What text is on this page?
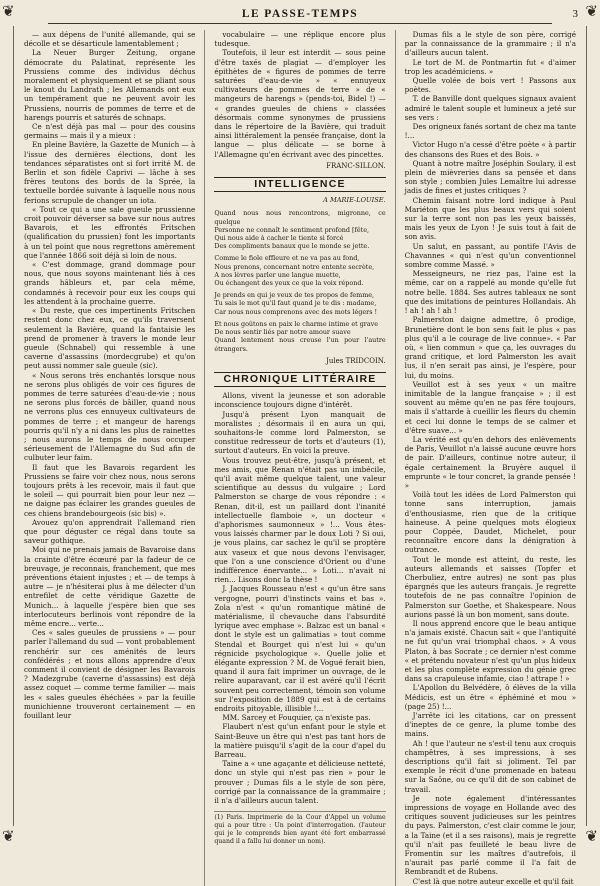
❦	❦
❦	❦
LE PASSE-TEMPS	3

— aux dépens de l'unité allemande, qui se décolle et se désarticule lamentablement ;

La Neuer Burger Zeitung, organe démocrate du Palatinat, représente les Prussiens comme des individus déchus moralement et physiquement et se pliant sous le knout du Landrath ; les Allemands ont eux un tempérament que ne peuvent avoir les Prussiens, nourris de pommes de terre et de harengs pourris et saturés de schnaps.

Ce n'est déjà pas mal — pour des cousins germains — mais il y a mieux :

En pleine Bavière, la Gazette de Munich — à l'issue des dernières élections, dont les tendances séparatistes ont si fort irrité M. de Berlin et son fidèle Caprivi — lâche à ses frères teutons des bords de la Sprée, la textuelle bordée suivante à laquelle nous nous ferions scrupule de changer un iota.

« Tout ce qui a une sale gueule prussienne croit pouvoir déverser sa bave sur nous autres Bavarois, et les effrontés Fritschen (qualification du prussien) font les importants à un tel point que nous regrettons amèrement que l'année 1866 soit déjà si loin de nous.

« C'est dommage, grand dommage pour nous, que nous soyons maintenant liés à ces grands hâbleurs et, par cela même, condamnés à recevoir pour eux les coups qui les attendent à la prochaine guerre.

« Du reste, que ces impertinents Fritschen restent donc chez eux, ce qu'ils traversent seulement la Bavière, quand la fantaisie les prend de promener à travers le monde leur gueule (Schnabel) qui ressemble à une caverne d'assassins (mordecgrube) et qu'on peut aussi nommer sale gueule (sic).

« Nous serons très enchantés lorsque nous ne serons plus obligés de voir ces figures de pommes de terre saturées d'eau-de-vie ; nous ne serons plus forcés de bâiller, quand nous ne verrons plus ces ennuyeux cultivateurs de pommes de terre ; et mangeur de harengs pourris qu'il n'y a ni dans les plus de rainettes ; nous aurons le temps de nous occuper sérieusement de l'Allemagne du Sud afin de culbuter leur faim.

Il faut que les Bavarois regardent les Prussiens se faire voir chez nous, nous serons toujours prêts à les recevoir, mais il faut que le soleil — qui pourrait bien pour leur nez — ne daigne pas éclairer les grandes gueules de ces chiens brandebourgeois (sic bis) ».

Avouez qu'on apprendrait l'allemand rien que pour déguster ce régal dans toute sa saveur gothique.

Moi qui ne prenais jamais de Bavaroise dans la crainte d'être écœuré par la fadeur de ce breuvage, je reconnais, franchement, que mes préventions étaient injustes ; et — de temps à autre — je n'hésiterai plus à me délecter d'un entrefilet de cette véridique Gazette de Munich... à laquelle j'espère bien que ses interlocuteurs berlinois vont répondre de la même encre... verte...

Ces « sales gueules de prussiens » — pour parler l'allemand du sud — vont probablement renchérir sur ces aménités de leurs confédérés ; et nous allons apprendre d'eux comment il convient de désigner les Bavarois ? Madezgrube (caverne d'assassins) est déjà assez coquet — comme terme familier — mais les « sales gueules éhéchées » par la feuille munichienne trouveront certainement — en fouillant leur

vocabulaire — une réplique encore plus tudesque.

Toutefois, il leur est interdit — sous peine d'être taxés de plagiat — d'employer les épithètes de « figures de pommes de terre saturées d'eau-de-vie » « ennuyeux cultivateurs de pommes de terre » de « mangeurs de harengs » (pends-toi, Bidel !) — « grandes gueules de chiens » classées désormais comme synonymes de prussiens dans le répertoire de la Bavière, qui traduit ainsi littéralement la pensée française, dont la langue — plus délicate — se borne à l'Allemagne qu'en écrivant avec des pincettes.

FRANC-SILLON.
INTELLIGENCE
A MARIE-LOUISE.
Quand nous nous rencontrons, migronne, ce quelque
Personne ne connaît le sentiment profond [fête,
Qui nous aide à cacher le tiente si forcé
Des compliments banaux que le monde se jette.
Comme le fiole effleure et ne va pas au fond,
Nous prenons, concernant notre entente secrète,
A nos lèvres parler une langue muette,
Ou échangent des yeux ce que la voix répond.
Je prends en qui je veux de tes propos de femme,
Tu sais le mot qu'il faut quand je te dis : madame,
Car nous nous comprenons avec des mots légers !
Et nous goûtons en paix le charme intime et grave
De nous sentir liés par notre amour suave
Quand lentement nous creuse l'un pour l'autre étrangers.
Jules TRIDCOIN.
CHRONIQUE LITTÉRAIRE

Allons, vivent la jeunesse et son adorable inconscience toujours digne d'intérêt.

Jusqu'à présent Lyon manquait de moralistes ; désormais il en aura un qui, souhaitons-le comme lord Palmerston, se constitue redresseur de torts et d'auteurs (1), surtout d'auteurs. En voici la preuve.

Vous trouvez peut-être, jusqu'à présent, et mes amis, que Renan n'était pas un imbécile, qu'il avait même quelque talent, une valeur scientifique au dessus du vulgaire ; Lord Palmerston se charge de vous répondre : « Renan, dit-il, est un paillard dont l'inanité intellectuelle flamboie », un docteur « d'aphorismes saumonneux » !... Vous êtes-vous laissés charmer par le doux Loti ? Si oui, je vous plains, car sachez le qu'il se proptère aux vaseux et que nous devons l'envisager, que l'on a une conscience d'Orient ou d'une indifférence énervante... » Loti... n'avait ni rien... Lisons donc la thèse !

J. Jacques Rousseau n'est « qu'un être sans vergogne, pourri d'instincts vains et bas ». Zola n'est « qu'un romantique mâtiné de matérialisme, il chevauche dans l'absurdité lyrique avec emphase ». Balzac est un banal « dont le style est un galimatias » tout comme Stendal et Bourget qui n'est lui « qu'un régnicide psychologique ». Quelle jolie et élégante expression ? M. de Vogué ferait bien, quand il aura fait imprimer un ouvrage, de le relire auparavant, car il est avéré qu'il l'écrit souvent peu correctement, témoin son volume sur l'exposition de 1889 qui est à de certains endroits pitoyable, illisible !...

MM. Sarcey et Fouquier, ça n'existe pas.

Flaubert n'est qu'un enfant pour le style et Saint-Beuve un être qui n'est pas tant hors de la matière puisqu'il s'agit de la cour d'apel du Barreau.

Taine a « une agaçante et délicieuse netteté, donc un style qui n'est pas rien » pour le prouver ; Dumas fils a le style de son père, corrigé par la connaissance de la grammaire ; il n'a d'ailleurs aucun talent.

(1) Paris. Imprimerie de la Cour d'Appel un volume qui a pour titre : Un point d'interrogation. (l'auteur qui je le comprends bien ayant été fort embarrassé quand il a fallu lui donner un nom).

Dumas fils a le style de son père, corrigé par la connaissance de la grammaire ; il n'a d'ailleurs aucun talent.

Le tort de M. de Pontmartin fut « d'aimer trop les académiciens. »

Quelle volée de bois vert ! Passons aux poètes.

T. de Banville dont quelques signaux avaient admiré le talent souple et lumineux a jeté sur ses vers :

Des origneux fanés sortant de chez ma tante !...

Victor Hugo n'a cessé d'être poète « à partir des chansons des Rues et des Bois. »

Quant à notre maître Joséphin Soulary, il est plein de mièvreries dans sa pensée et dans son style ; combien Jules Lemaître lui adresse jadis de fines et justes critiques ?

Chemin faisant notre lord indique à Paul Mariéton que les plus beaux vers qui soient sur la terre sont non pas les yeux baissés, mais les yeux de Lyon ! Je suis tout à fait de son avis.

Un salut, en passant, au pontife l'Avis de Chavannes « qui n'est qu'un conventionnel sombre comme Massé. »

Messeigneurs, ne riez pas, l'aine est la même, car on a rappelé au monde qu'elle fut notre belle. 1884. Ses autres tableaux ne sont que des imitations de peintures Hollandais. Ah ! ah ! ah ! ah !

Palmerston daigne admettre, ô prodige, Brunetière dont le bon sens fait le plus « pas plus qu'il a le courage de live connue». « Par où, « lien commun » que ça, les ouvrages du grand critique, et lord Palmerston les avait lus, il n'en serait pas ainsi, je l'espère, pour lui, du moins.

Veuillot est à ses yeux « un maître inimitable de la langue française » ; il est souvent au même qu'en ne pas fére toujours, mais il s'attarde à cueillir les fleurs du chemin et ceci lui donne le temps de se calmer et d'être suave... »

La vérité est qu'en dehors des enlèvements de Paris, Veuillot n'a laissé aucune œuvre hors de pair. D'ailleurs, continue notre auteur, il égale certainement la Bruyère auquel il emprunte « le tour concret, la grande pensée ! »

Voilà tout les idées de Lord Palmerston qui tonne sans interruption, jamais d'enthousiasme, rien que de la critique haineuse. A peine quelques mots élogieux pour Coppée, Daudet, Michelet, pour reconnaître encore dans la dénigration à outrance.

Tout le monde est atteint, du reste, les auteurs allemands et saisses (Topfer et Cherbuliez, entre autres) ne sont pas plus épargnés que les auteurs français. Je regrette toutefois de ne pas connaître l'opinion de Palmerston sur Goethe, et Shakespeare. Nous aurions passé là un bon moment, sans doute.

Il nous apprend encore que le beau antique n'a jamais existé. Chacun sait « que l'antiquité ne fut qu'un vrai triomphal chaos. » A vous Platon, à bas Socrate ; ce dernier n'est comme « et prétendu novateur n'est qu'un plus hideux et les plus complète expression du génie grec dans sa crapuleuse infamie, ciao ! attrape ! »

L'Apollon du Belvédère, ô élèves de la villa Médicis, est un être « éphéminé et mou » (page 25) !...

J'arrête ici les citations, car on pressent d'ineptes de ce genre, la plume tombe des mains.

Ah ! que l'auteur ne s'est-il tenu aux croquis champêtres, à ses impressions, à ses descriptions qu'il fait si joliment. Tel par exemple le récit d'une promenade en bateau sur la Saône, ou ce qu'il dit de son cabinet de travail.

Je note également d'intéressantes impressions de voyage en Hollande avec des critiques souvent judicieuses sur les peintres du pays. Palmerston, c'est clair comme le jour, a la Taine (et il a ses raisons), mais je regrette qu'il n'ait pas feuilleté le beau livre de Fromentin sur les maîtres d'autrefois, il n'aurait pas parlé comme il l'a fait de Rembrandt et de Rubens.

C'est là que notre auteur excelle et qu'il fait
